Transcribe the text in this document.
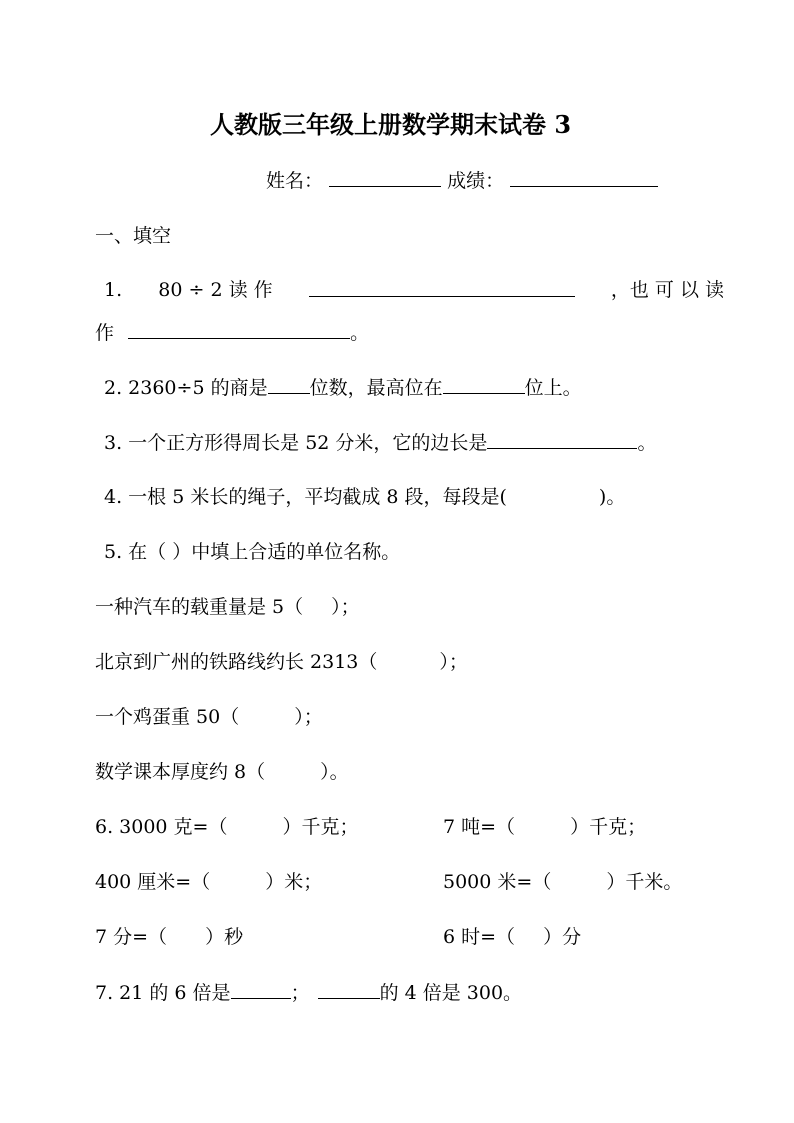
人教版三年级上册数学期末试卷 3
姓名：	成绩：
一、填空
1. 80 ÷ 2 读 作	，也 可 以 读
作	。
2. 2360÷5 的商是 位数，最高位在	位上。
3. 一个正方形得周长是 52 分米，它的边长是	。
4. 一根 5 米长的绳子，平均截成 8 段，每段是(	)。
5. 在（ ）中填上合适的单位名称。
一种汽车的载重量是 5（ ）；
北京到广州的铁路线约长 2313（	）；
一个鸡蛋重 50（	）；
数学课本厚度约 8（	）。
6. 3000 克=（	）千克；	7 吨=（	）千克；
400 厘米=（	）米；	5000 米=（	）千米。
7 分=（ ）秒	6 时=（ ）分
7. 21 的 6 倍是	；	的 4 倍是 300。
